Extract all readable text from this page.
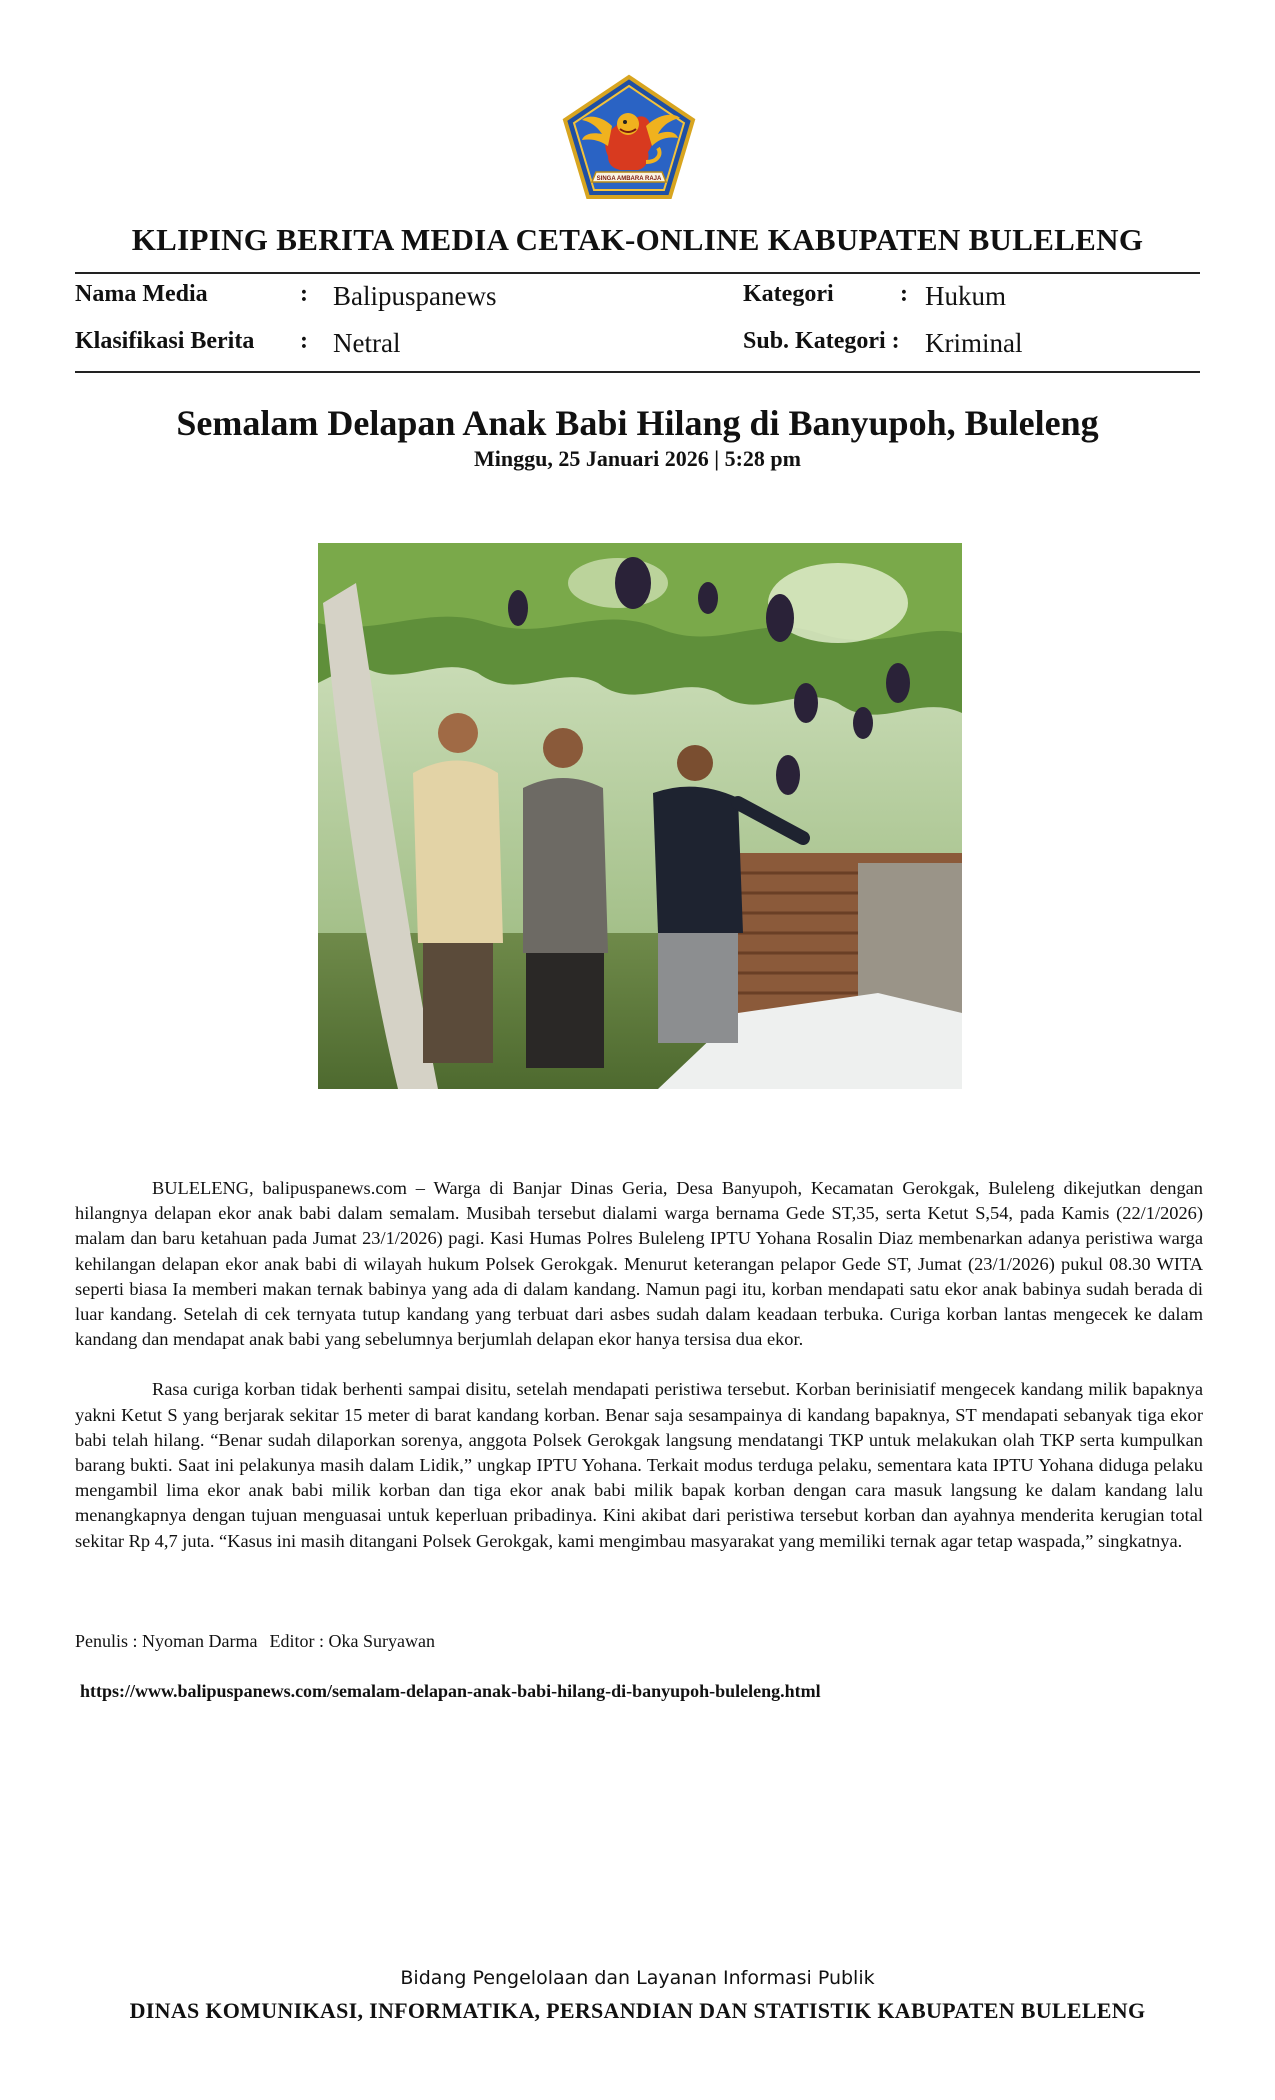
SINGA AMBARA RAJA
KLIPING BERITA MEDIA CETAK-ONLINE KABUPATEN BULELENG
Nama Media	: Balipuspanews
Klasifikasi Berita : Netral
Kategori	: Hukum
Sub. Kategori : Kriminal
Semalam Delapan Anak Babi Hilang di Banyupoh, Buleleng
Minggu, 25 Januari 2026 | 5:28 pm

BULELENG, balipuspanews.com – Warga di Banjar Dinas Geria, Desa Banyupoh, Kecamatan Gerokgak, Buleleng dikejutkan dengan hilangnya delapan ekor anak babi dalam semalam. Musibah tersebut dialami warga bernama Gede ST,35, serta Ketut S,54, pada Kamis (22/1/2026) malam dan baru ketahuan pada Jumat 23/1/2026) pagi. Kasi Humas Polres Buleleng IPTU Yohana Rosalin Diaz membenarkan adanya peristiwa warga kehilangan delapan ekor anak babi di wilayah hukum Polsek Gerokgak. Menurut keterangan pelapor Gede ST, Jumat (23/1/2026) pukul 08.30 WITA seperti biasa Ia memberi makan ternak babinya yang ada di dalam kandang. Namun pagi itu, korban mendapati satu ekor anak babinya sudah berada di luar kandang. Setelah di cek ternyata tutup kandang yang terbuat dari asbes sudah dalam keadaan terbuka. Curiga korban lantas mengecek ke dalam kandang dan mendapat anak babi yang sebelumnya berjumlah delapan ekor hanya tersisa dua ekor.

Rasa curiga korban tidak berhenti sampai disitu, setelah mendapati peristiwa tersebut. Korban berinisiatif mengecek kandang milik bapaknya yakni Ketut S yang berjarak sekitar 15 meter di barat kandang korban. Benar saja sesampainya di kandang bapaknya, ST mendapati sebanyak tiga ekor babi telah hilang. “Benar sudah dilaporkan sorenya, anggota Polsek Gerokgak langsung mendatangi TKP untuk melakukan olah TKP serta kumpulkan barang bukti. Saat ini pelakunya masih dalam Lidik,” ungkap IPTU Yohana. Terkait modus terduga pelaku, sementara kata IPTU Yohana diduga pelaku mengambil lima ekor anak babi milik korban dan tiga ekor anak babi milik bapak korban dengan cara masuk langsung ke dalam kandang lalu menangkapnya dengan tujuan menguasai untuk keperluan pribadinya. Kini akibat dari peristiwa tersebut korban dan ayahnya menderita kerugian total sekitar Rp 4,7 juta. “Kasus ini masih ditangani Polsek Gerokgak, kami mengimbau masyarakat yang memiliki ternak agar tetap waspada,” singkatnya.

Penulis : Nyoman Darma Editor : Oka Suryawan
https://www.balipuspanews.com/semalam-delapan-anak-babi-hilang-di-banyupoh-buleleng.html
Bidang Pengelolaan dan Layanan Informasi Publik
DINAS KOMUNIKASI, INFORMATIKA, PERSANDIAN DAN STATISTIK KABUPATEN BULELENG
